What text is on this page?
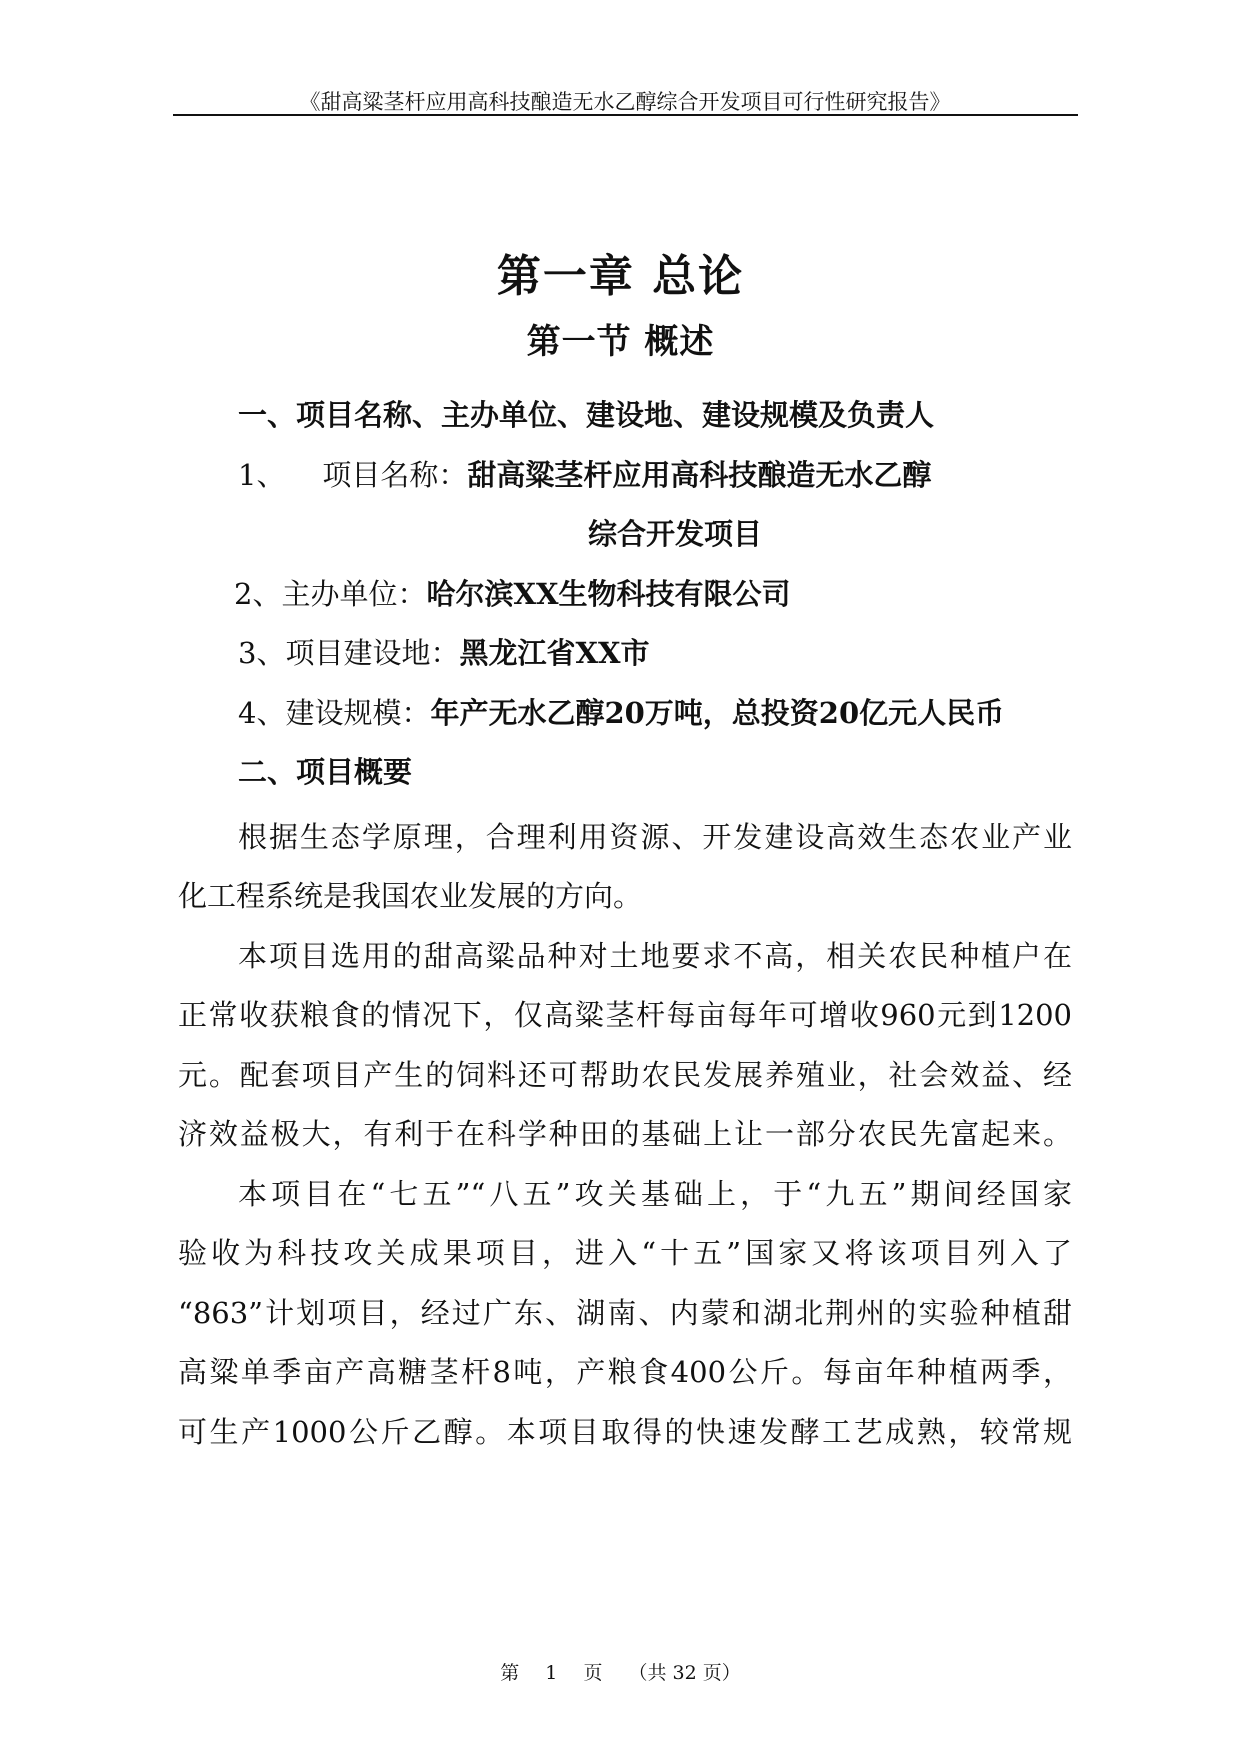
《甜高粱茎杆应用高科技酿造无水乙醇综合开发项目可行性研究报告》
第一章 总论
第一节 概述
一、项目名称、主办单位、建设地、建设规模及负责人
1、    项目名称：甜高粱茎杆应用高科技酿造无水乙醇
综合开发项目
2、主办单位：哈尔滨XX生物科技有限公司
3、项目建设地：黑龙江省XX市
4、建设规模：年产无水乙醇20万吨，总投资20亿元人民币
二、项目概要
根据生态学原理，合理利用资源、开发建设高效生态农业产业
化工程系统是我国农业发展的方向。
本项目选用的甜高粱品种对土地要求不高，相关农民种植户在
正常收获粮食的情况下，仅高粱茎杆每亩每年可增收960元到1200
元。配套项目产生的饲料还可帮助农民发展养殖业，社会效益、经
济效益极大，有利于在科学种田的基础上让一部分农民先富起来。
本项目在“七五”“八五”攻关基础上，于“九五”期间经国家
验收为科技攻关成果项目，进入“十五”国家又将该项目列入了
“863”计划项目，经过广东、湖南、内蒙和湖北荆州的实验种植甜
高粱单季亩产高糖茎杆8吨，产粮食400公斤。每亩年种植两季，
可生产1000公斤乙醇。本项目取得的快速发酵工艺成熟，较常规
第 1 页 （共 32 页）
